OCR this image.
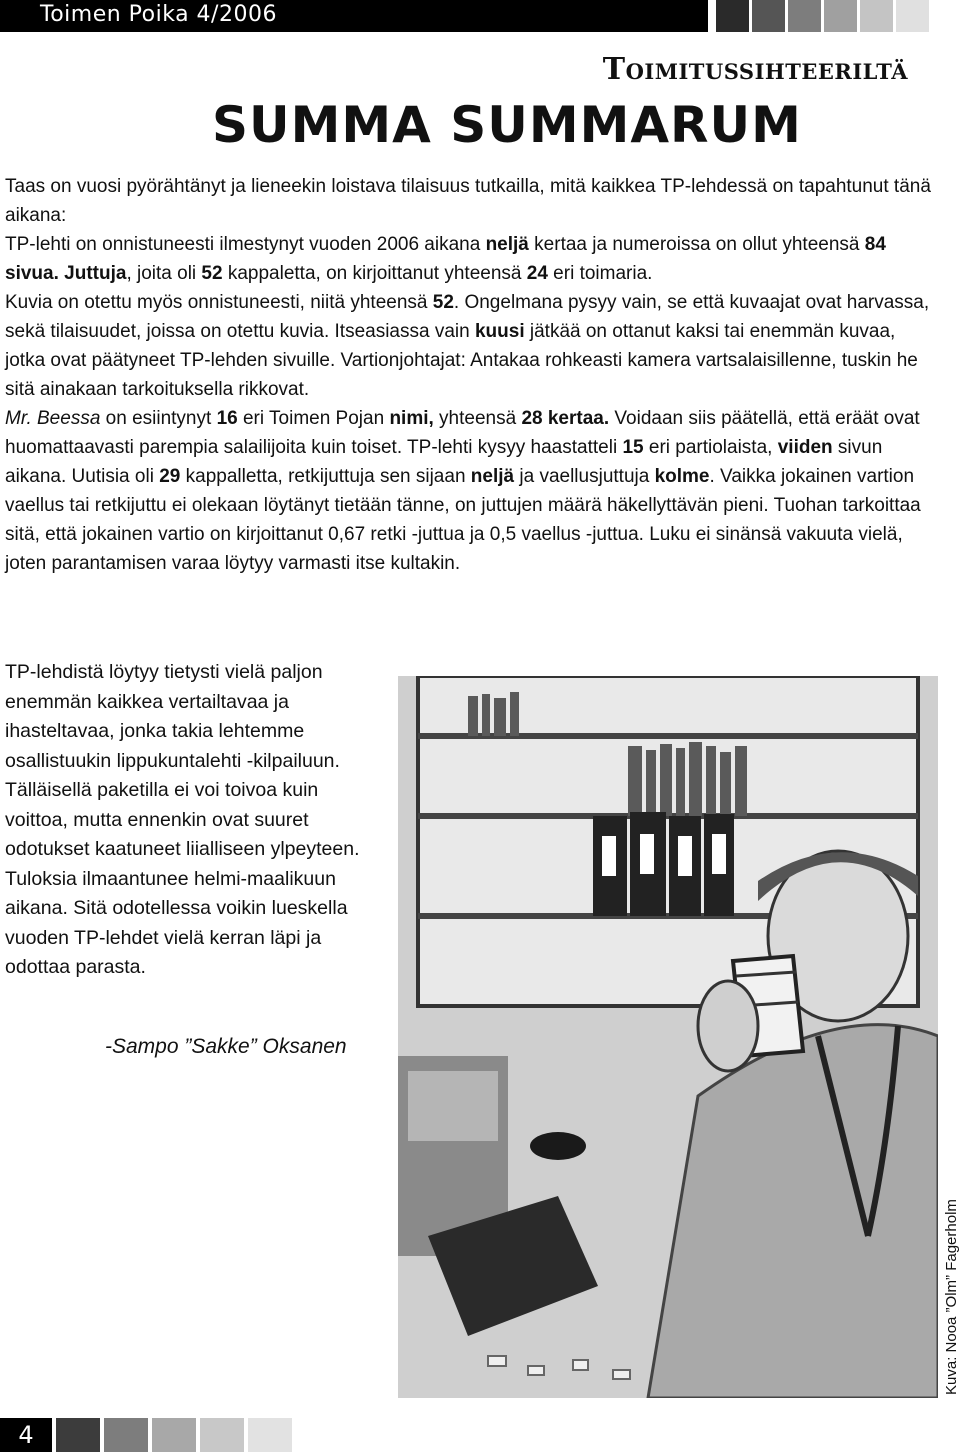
Toimen Poika 4/2006
Toimitussihteeriltä
SUMMA SUMMARUM

Taas on vuosi pyörähtänyt ja lieneekin loistava tilaisuus tutkailla, mitä kaikkea TP-lehdessä on tapahtunut tänä aikana:

TP-lehti on onnistuneesti ilmestynyt vuoden 2006 aikana neljä kertaa ja numeroissa on ollut yhteensä 84 sivua. Juttuja, joita oli 52 kappaletta, on kirjoittanut yhteensä 24 eri toimaria.

Kuvia on otettu myös onnistuneesti, niitä yhteensä 52. Ongelmana pysyy vain, se että kuvaajat ovat harvassa, sekä tilaisuudet, joissa on otettu kuvia. Itseasiassa vain kuusi jätkää on ottanut kaksi tai enemmän kuvaa, jotka ovat päätyneet TP-lehden sivuille. Vartionjohtajat: Antakaa rohkeasti kamera vartsalaisillenne, tuskin he sitä ainakaan tarkoituksella rikkovat.

Mr. Beessa on esiintynyt 16 eri Toimen Pojan nimi, yhteensä 28 kertaa. Voidaan siis päätellä, että eräät ovat huomattaavasti parempia salailijoita kuin toiset. TP-lehti kysyy haastatteli 15 eri partiolaista, viiden sivun aikana. Uutisia oli 29 kappalletta, retkijuttuja sen sijaan neljä ja vaellusjuttuja kolme. Vaikka jokainen vartion vaellus tai retkijuttu ei olekaan löytänyt tietään tänne, on juttujen määrä häkellyttävän pieni. Tuohan tarkoittaa sitä, että jokainen vartio on kirjoittanut 0,67 retki -juttua ja 0,5 vaellus -juttua. Luku ei sinänsä vakuuta vielä, joten parantamisen varaa löytyy varmasti itse kultakin.

TP-lehdistä löytyy tietysti vielä paljon enemmän kaikkea vertailtavaa ja ihasteltavaa, jonka takia lehtemme osallistuukin lippukuntalehti -kilpailuun. Tälläisellä paketilla ei voi toivoa kuin voittoa, mutta ennenkin ovat suuret odotukset kaatuneet liialliseen ylpeyteen. Tuloksia ilmaantunee helmi-maalikuun aikana. Sitä odotellessa voikin lueskella vuoden TP-lehdet vielä kerran läpi ja odottaa parasta.

-Sampo ”Sakke” Oksanen
Kuva: Nooa ”Olm” Fagerholm
4
